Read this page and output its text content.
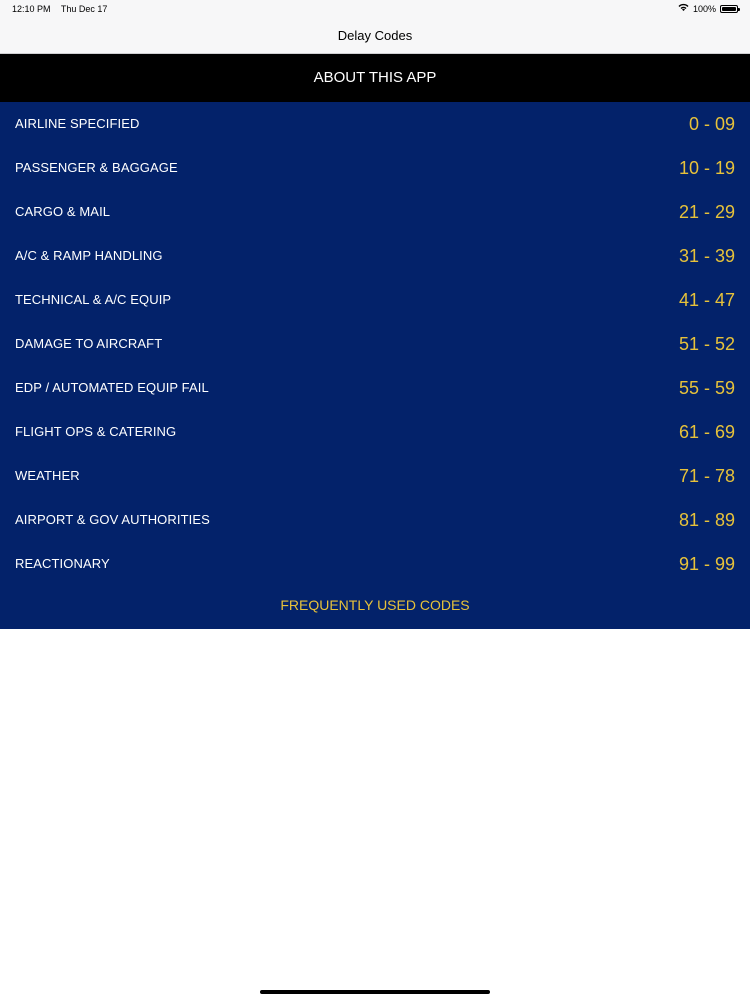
12:10 PM Thu Dec 17	100%
Delay Codes
ABOUT THIS APP
AIRLINE SPECIFIED	0 - 09
PASSENGER & BAGGAGE	10 - 19
CARGO & MAIL	21 - 29
A/C & RAMP HANDLING	31 - 39
TECHNICAL & A/C EQUIP	41 - 47
DAMAGE TO AIRCRAFT	51 - 52
EDP / AUTOMATED EQUIP FAIL	55 - 59
FLIGHT OPS & CATERING	61 - 69
WEATHER	71 - 78
AIRPORT & GOV AUTHORITIES	81 - 89
REACTIONARY	91 - 99
FREQUENTLY USED CODES
